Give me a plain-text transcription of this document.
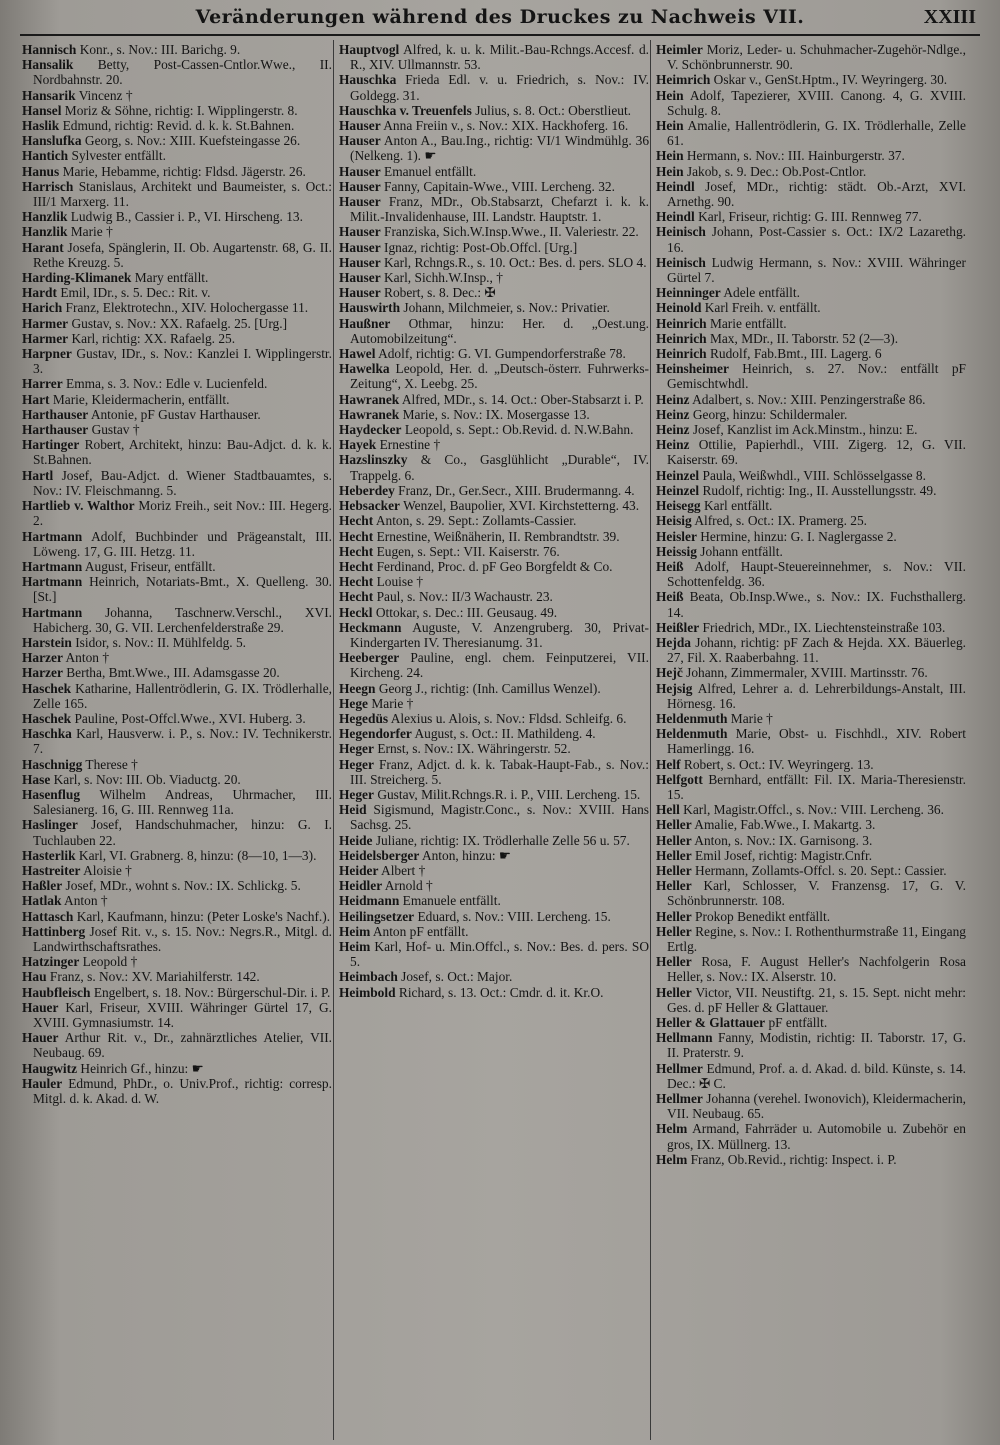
Veränderungen während des Druckes zu Nachweis VII.	XXIII
Hannisch Konr., s. Nov.: III. Barichg. 9.
Hansalik Betty, Post-Cassen-Cntlor.Wwe., II. Nordbahnstr. 20.
Hansarik Vincenz †
Hansel Moriz & Söhne, richtig: I. Wipplingerstr. 8.
Haslik Edmund, richtig: Revid. d. k. k. St.Bahnen.
Hanslufka Georg, s. Nov.: XIII. Kuefsteingasse 26.
Hantich Sylvester entfällt.
Hanus Marie, Hebamme, richtig: Fldsd. Jägerstr. 26.
Harrisch Stanislaus, Architekt und Baumeister, s. Oct.: III/1 Marxerg. 11.
Hanzlik Ludwig B., Cassier i. P., VI. Hirscheng. 13.
Hanzlik Marie †
Harant Josefa, Spänglerin, II. Ob. Augartenstr. 68, G. II. Rethe Kreuzg. 5.
Harding-Klimanek Mary entfällt.
Hardt Emil, IDr., s. 5. Dec.: Rit. v.
Harich Franz, Elektrotechn., XIV. Holochergasse 11.
Harmer Gustav, s. Nov.: XX. Rafaelg. 25. [Urg.]
Harmer Karl, richtig: XX. Rafaelg. 25.
Harpner Gustav, IDr., s. Nov.: Kanzlei I. Wipplingerstr. 3.
Harrer Emma, s. 3. Nov.: Edle v. Lucienfeld.
Hart Marie, Kleidermacherin, entfällt.
Harthauser Antonie, pF Gustav Harthauser.
Harthauser Gustav †
Hartinger Robert, Architekt, hinzu: Bau-Adjct. d. k. k. St.Bahnen.
Hartl Josef, Bau-Adjct. d. Wiener Stadtbauamtes, s. Nov.: IV. Fleischmanng. 5.
Hartlieb v. Walthor Moriz Freih., seit Nov.: III. Hegerg. 2.
Hartmann Adolf, Buchbinder und Prägeanstalt, III. Löweng. 17, G. III. Hetzg. 11.
Hartmann August, Friseur, entfällt.
Hartmann Heinrich, Notariats-Bmt., X. Quelleng. 30. [St.]
Hartmann Johanna, Taschnerw.Verschl., XVI. Habicherg. 30, G. VII. Lerchenfelderstraße 29.
Harstein Isidor, s. Nov.: II. Mühlfeldg. 5.
Harzer Anton †
Harzer Bertha, Bmt.Wwe., III. Adamsgasse 20.
Haschek Katharine, Hallentrödlerin, G. IX. Trödlerhalle, Zelle 165.
Haschek Pauline, Post-Offcl.Wwe., XVI. Huberg. 3.
Haschka Karl, Hausverw. i. P., s. Nov.: IV. Technikerstr. 7.
Haschnigg Therese †
Hase Karl, s. Nov: III. Ob. Viaductg. 20.
Hasenflug Wilhelm Andreas, Uhrmacher, III. Salesianerg. 16, G. III. Rennweg 11a.
Haslinger Josef, Handschuhmacher, hinzu: G. I. Tuchlauben 22.
Hasterlik Karl, VI. Grabnerg. 8, hinzu: (8—10, 1—3).
Hastreiter Aloisie †
Haßler Josef, MDr., wohnt s. Nov.: IX. Schlickg. 5.
Hatlak Anton †
Hattasch Karl, Kaufmann, hinzu: (Peter Loske's Nachf.).
Hattinberg Josef Rit. v., s. 15. Nov.: Negrs.R., Mitgl. d. Landwirthschaftsrathes.
Hatzinger Leopold †
Hau Franz, s. Nov.: XV. Mariahilferstr. 142.
Haubfleisch Engelbert, s. 18. Nov.: Bürgerschul-Dir. i. P.
Hauer Karl, Friseur, XVIII. Währinger Gürtel 17, G. XVIII. Gymnasiumstr. 14.
Hauer Arthur Rit. v., Dr., zahnärztliches Atelier, VII. Neubaug. 69.
Haugwitz Heinrich Gf., hinzu: ☛
Hauler Edmund, PhDr., o. Univ.Prof., richtig: corresp. Mitgl. d. k. Akad. d. W.
Hauptvogl Alfred, k. u. k. Milit.-Bau-Rchngs.Accesf. d. R., XIV. Ullmannstr. 53.
Hauschka Frieda Edl. v. u. Friedrich, s. Nov.: IV. Goldegg. 31.
Hauschka v. Treuenfels Julius, s. 8. Oct.: Oberstlieut.
Hauser Anna Freiin v., s. Nov.: XIX. Hackhoferg. 16.
Hauser Anton A., Bau.Ing., richtig: VI/1 Windmühlg. 36 (Nelkeng. 1). ☛
Hauser Emanuel entfällt.
Hauser Fanny, Capitain-Wwe., VIII. Lercheng. 32.
Hauser Franz, MDr., Ob.Stabsarzt, Chefarzt i. k. k. Milit.-Invalidenhause, III. Landstr. Hauptstr. 1.
Hauser Franziska, Sich.W.Insp.Wwe., II. Valeriestr. 22.
Hauser Ignaz, richtig: Post-Ob.Offcl. [Urg.]
Hauser Karl, Rchngs.R., s. 10. Oct.: Bes. d. pers. SLO 4.
Hauser Karl, Sichh.W.Insp., †
Hauser Robert, s. 8. Dec.: ✠
Hauswirth Johann, Milchmeier, s. Nov.: Privatier.
Haußner Othmar, hinzu: Her. d. „Oest.ung. Automobilzeitung“.
Hawel Adolf, richtig: G. VI. Gumpendorferstraße 78.
Hawelka Leopold, Her. d. „Deutsch-österr. Fuhrwerks-Zeitung“, X. Leebg. 25.
Hawranek Alfred, MDr., s. 14. Oct.: Ober-Stabsarzt i. P.
Hawranek Marie, s. Nov.: IX. Mosergasse 13.
Haydecker Leopold, s. Sept.: Ob.Revid. d. N.W.Bahn.
Hayek Ernestine †
Hazslinszky & Co., Gasglühlicht „Durable“, IV. Trappelg. 6.
Heberdey Franz, Dr., Ger.Secr., XIII. Brudermanng. 4.
Hebsacker Wenzel, Baupolier, XVI. Kirchstetterng. 43.
Hecht Anton, s. 29. Sept.: Zollamts-Cassier.
Hecht Ernestine, Weißnäherin, II. Rembrandtstr. 39.
Hecht Eugen, s. Sept.: VII. Kaiserstr. 76.
Hecht Ferdinand, Proc. d. pF Geo Borgfeldt & Co.
Hecht Louise †
Hecht Paul, s. Nov.: II/3 Wachaustr. 23.
Heckl Ottokar, s. Dec.: III. Geusaug. 49.
Heckmann Auguste, V. Anzengruberg. 30, Privat-Kindergarten IV. Theresianumg. 31.
Heeberger Pauline, engl. chem. Feinputzerei, VII. Kircheng. 24.
Heegn Georg J., richtig: (Inh. Camillus Wenzel).
Hege Marie †
Hegedüs Alexius u. Alois, s. Nov.: Fldsd. Schleifg. 6.
Hegendorfer August, s. Oct.: II. Mathildeng. 4.
Heger Ernst, s. Nov.: IX. Währingerstr. 52.
Heger Franz, Adjct. d. k. k. Tabak-Haupt-Fab., s. Nov.: III. Streicherg. 5.
Heger Gustav, Milit.Rchngs.R. i. P., VIII. Lercheng. 15.
Heid Sigismund, Magistr.Conc., s. Nov.: XVIII. Hans Sachsg. 25.
Heide Juliane, richtig: IX. Trödlerhalle Zelle 56 u. 57.
Heidelsberger Anton, hinzu: ☛
Heider Albert †
Heidler Arnold †
Heidmann Emanuele entfällt.
Heilingsetzer Eduard, s. Nov.: VIII. Lercheng. 15.
Heim Anton pF entfällt.
Heim Karl, Hof- u. Min.Offcl., s. Nov.: Bes. d. pers. SO 5.
Heimbach Josef, s. Oct.: Major.
Heimbold Richard, s. 13. Oct.: Cmdr. d. it. Kr.O.
Heimler Moriz, Leder- u. Schuhmacher-Zugehör-Ndlge., V. Schönbrunnerstr. 90.
Heimrich Oskar v., GenSt.Hptm., IV. Weyringerg. 30.
Hein Adolf, Tapezierer, XVIII. Canong. 4, G. XVIII. Schulg. 8.
Hein Amalie, Hallentrödlerin, G. IX. Trödlerhalle, Zelle 61.
Hein Hermann, s. Nov.: III. Hainburgerstr. 37.
Hein Jakob, s. 9. Dec.: Ob.Post-Cntlor.
Heindl Josef, MDr., richtig: städt. Ob.-Arzt, XVI. Arnethg. 90.
Heindl Karl, Friseur, richtig: G. III. Rennweg 77.
Heinisch Johann, Post-Cassier s. Oct.: IX/2 Lazarethg. 16.
Heinisch Ludwig Hermann, s. Nov.: XVIII. Währinger Gürtel 7.
Heinninger Adele entfällt.
Heinold Karl Freih. v. entfällt.
Heinrich Marie entfällt.
Heinrich Max, MDr., II. Taborstr. 52 (2—3).
Heinrich Rudolf, Fab.Bmt., III. Lagerg. 6
Heinsheimer Heinrich, s. 27. Nov.: entfällt pF Gemischtwhdl.
Heinz Adalbert, s. Nov.: XIII. Penzingerstraße 86.
Heinz Georg, hinzu: Schildermaler.
Heinz Josef, Kanzlist im Ack.Minstm., hinzu: E.
Heinz Ottilie, Papierhdl., VIII. Zigerg. 12, G. VII. Kaiserstr. 69.
Heinzel Paula, Weißwhdl., VIII. Schlösselgasse 8.
Heinzel Rudolf, richtig: Ing., II. Ausstellungsstr. 49.
Heisegg Karl entfällt.
Heisig Alfred, s. Oct.: IX. Pramerg. 25.
Heisler Hermine, hinzu: G. I. Naglergasse 2.
Heissig Johann entfällt.
Heiß Adolf, Haupt-Steuereinnehmer, s. Nov.: VII. Schottenfeldg. 36.
Heiß Beata, Ob.Insp.Wwe., s. Nov.: IX. Fuchsthallerg. 14.
Heißler Friedrich, MDr., IX. Liechtensteinstraße 103.
Hejda Johann, richtig: pF Zach & Hejda. XX. Bäuerleg. 27, Fil. X. Raaberbahng. 11.
Hejč Johann, Zimmermaler, XVIII. Martinsstr. 76.
Hejsig Alfred, Lehrer a. d. Lehrerbildungs-Anstalt, III. Hörnesg. 16.
Heldenmuth Marie †
Heldenmuth Marie, Obst- u. Fischhdl., XIV. Robert Hamerlingg. 16.
Helf Robert, s. Oct.: IV. Weyringerg. 13.
Helfgott Bernhard, entfällt: Fil. IX. Maria-Theresienstr. 15.
Hell Karl, Magistr.Offcl., s. Nov.: VIII. Lercheng. 36.
Heller Amalie, Fab.Wwe., I. Makartg. 3.
Heller Anton, s. Nov.: IX. Garnisong. 3.
Heller Emil Josef, richtig: Magistr.Cnfr.
Heller Hermann, Zollamts-Offcl. s. 20. Sept.: Cassier.
Heller Karl, Schlosser, V. Franzensg. 17, G. V. Schönbrunnerstr. 108.
Heller Prokop Benedikt entfällt.
Heller Regine, s. Nov.: I. Rothenthurmstraße 11, Eingang Ertlg.
Heller Rosa, F. August Heller's Nachfolgerin Rosa Heller, s. Nov.: IX. Alserstr. 10.
Heller Victor, VII. Neustiftg. 21, s. 15. Sept. nicht mehr: Ges. d. pF Heller & Glattauer.
Heller & Glattauer pF entfällt.
Hellmann Fanny, Modistin, richtig: II. Taborstr. 17, G. II. Praterstr. 9.
Hellmer Edmund, Prof. a. d. Akad. d. bild. Künste, s. 14. Dec.: ✠ C.
Hellmer Johanna (verehel. Iwonovich), Kleidermacherin, VII. Neubaug. 65.
Helm Armand, Fahrräder u. Automobile u. Zubehör en gros, IX. Müllnerg. 13.
Helm Franz, Ob.Revid., richtig: Inspect. i. P.
